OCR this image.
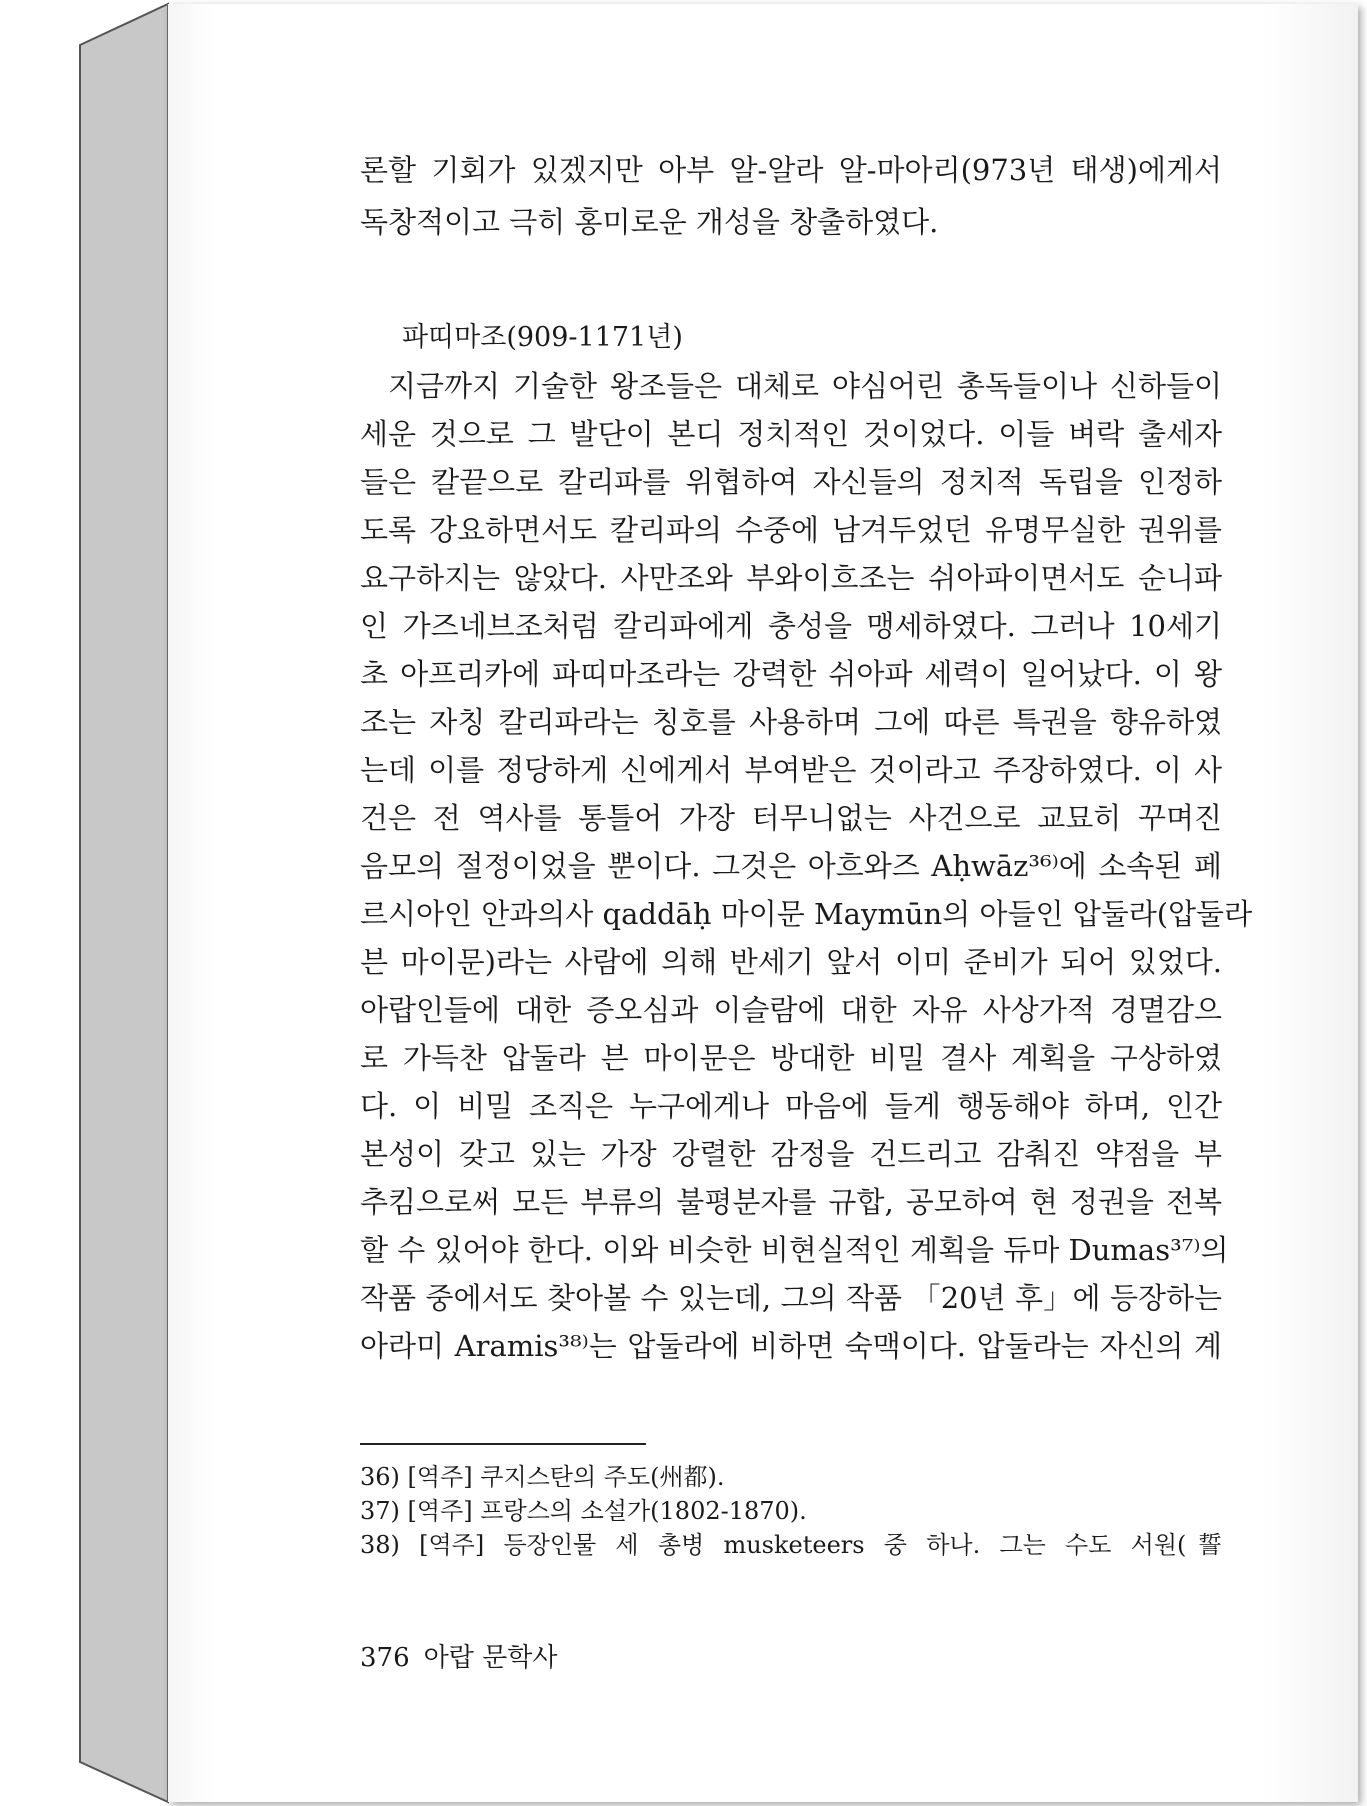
론할 기회가 있겠지만 아부 알-알라 알-마아리(973년 태생)에게서
독창적이고 극히 홍미로운 개성을 창출하였다.
파띠마조(909-1171년)
지금까지 기술한 왕조들은 대체로 야심어린 총독들이나 신하들이
세운 것으로 그 발단이 본디 정치적인 것이었다. 이들 벼락 출세자
들은 칼끝으로 칼리파를 위협하여 자신들의 정치적 독립을 인정하
도록 강요하면서도 칼리파의 수중에 남겨두었던 유명무실한 권위를
요구하지는 않았다. 사만조와 부와이흐조는 쉬아파이면서도 순니파
인 가즈네브조처럼 칼리파에게 충성을 맹세하였다. 그러나 10세기
초 아프리카에 파띠마조라는 강력한 쉬아파 세력이 일어났다. 이 왕
조는 자칭 칼리파라는 칭호를 사용하며 그에 따른 특권을 향유하였
는데 이를 정당하게 신에게서 부여받은 것이라고 주장하였다. 이 사
건은 전 역사를 통틀어 가장 터무니없는 사건으로 교묘히 꾸며진
음모의 절정이었을 뿐이다. 그것은 아흐와즈 Aḥwāz³⁶⁾에 소속된 페
르시아인 안과의사 qaddāḥ 마이문 Maymūn의 아들인 압둘라(압둘라
븐 마이문)라는 사람에 의해 반세기 앞서 이미 준비가 되어 있었다.
아랍인들에 대한 증오심과 이슬람에 대한 자유 사상가적 경멸감으
로 가득찬 압둘라 븐 마이문은 방대한 비밀 결사 계획을 구상하였
다. 이 비밀 조직은 누구에게나 마음에 들게 행동해야 하며, 인간
본성이 갖고 있는 가장 강렬한 감정을 건드리고 감춰진 약점을 부
추킴으로써 모든 부류의 불평분자를 규합, 공모하여 현 정권을 전복
할 수 있어야 한다. 이와 비슷한 비현실적인 계획을 듀마 Dumas³⁷⁾의
작품 중에서도 찾아볼 수 있는데, 그의 작품 「20년 후」에 등장하는
아라미 Aramis³⁸⁾는 압둘라에 비하면 숙맥이다. 압둘라는 자신의 계
36) [역주] 쿠지스탄의 주도(州都).
37) [역주] 프랑스의 소설가(1802-1870).
38) [역주] 등장인물 세 총병 musketeers 중 하나. 그는 수도 서원(誓
376 아랍 문학사
